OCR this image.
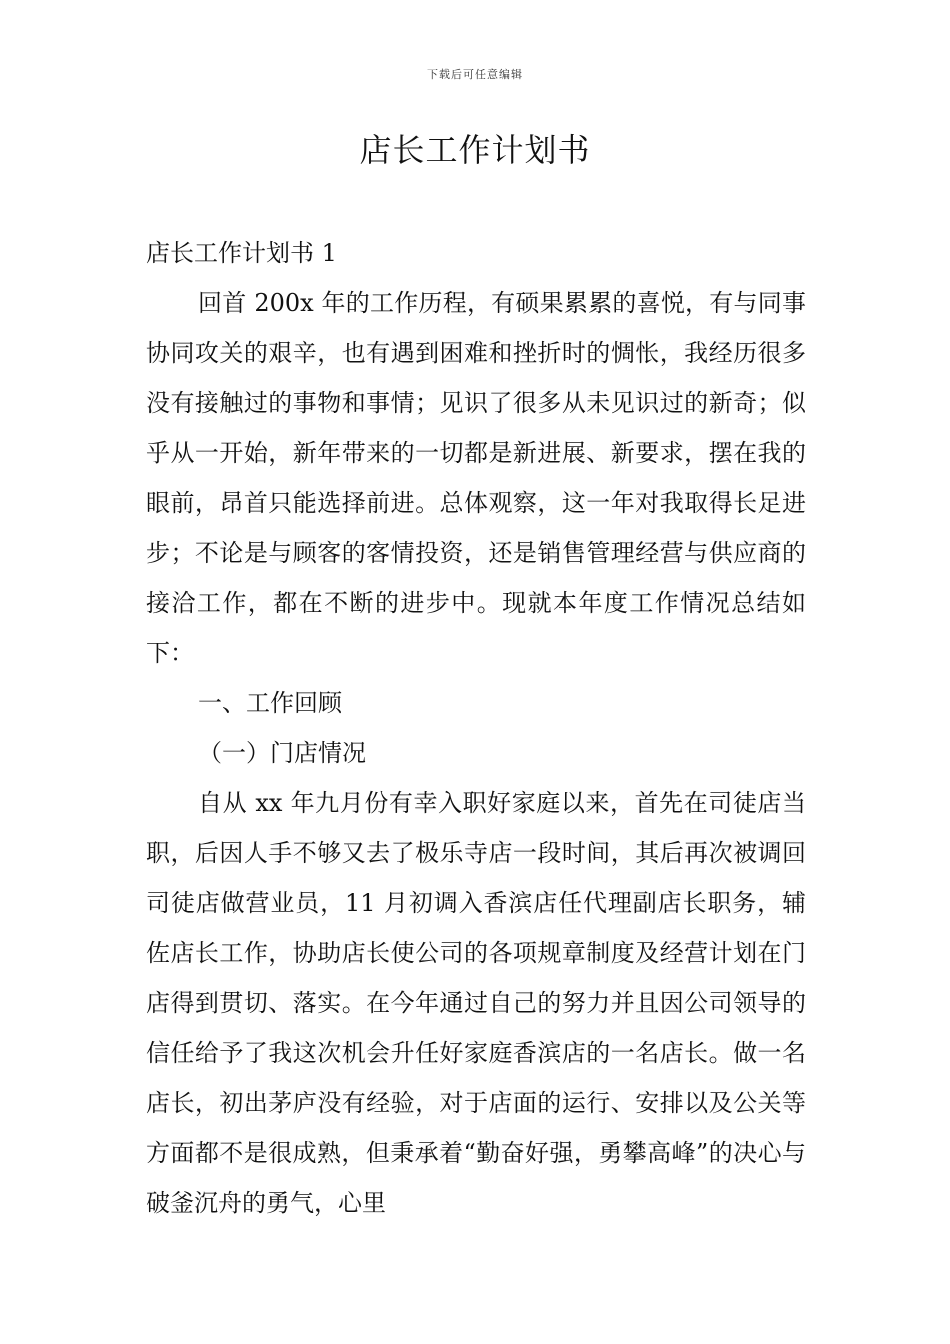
下载后可任意编辑
店长工作计划书

店长工作计划书 1

回首 200x 年的工作历程，有硕果累累的喜悦，有与同事协同攻关的艰辛，也有遇到困难和挫折时的惆怅，我经历很多没有接触过的事物和事情；见识了很多从未见识过的新奇；似乎从一开始，新年带来的一切都是新进展、新要求，摆在我的眼前，昂首只能选择前进。总体观察，这一年对我取得长足进步；不论是与顾客的客情投资，还是销售管理经营与供应商的接洽工作，都在不断的进步中。现就本年度工作情况总结如下：

一、工作回顾

（一）门店情况

自从 xx 年九月份有幸入职好家庭以来，首先在司徒店当职，后因人手不够又去了极乐寺店一段时间，其后再次被调回司徒店做营业员，11 月初调入香滨店任代理副店长职务，辅佐店长工作，协助店长使公司的各项规章制度及经营计划在门店得到贯切、落实。在今年通过自己的努力并且因公司领导的信任给予了我这次机会升任好家庭香滨店的一名店长。做一名店长，初出茅庐没有经验，对于店面的运行、安排以及公关等方面都不是很成熟，但秉承着“勤奋好强，勇攀高峰”的决心与破釜沉舟的勇气，心里
